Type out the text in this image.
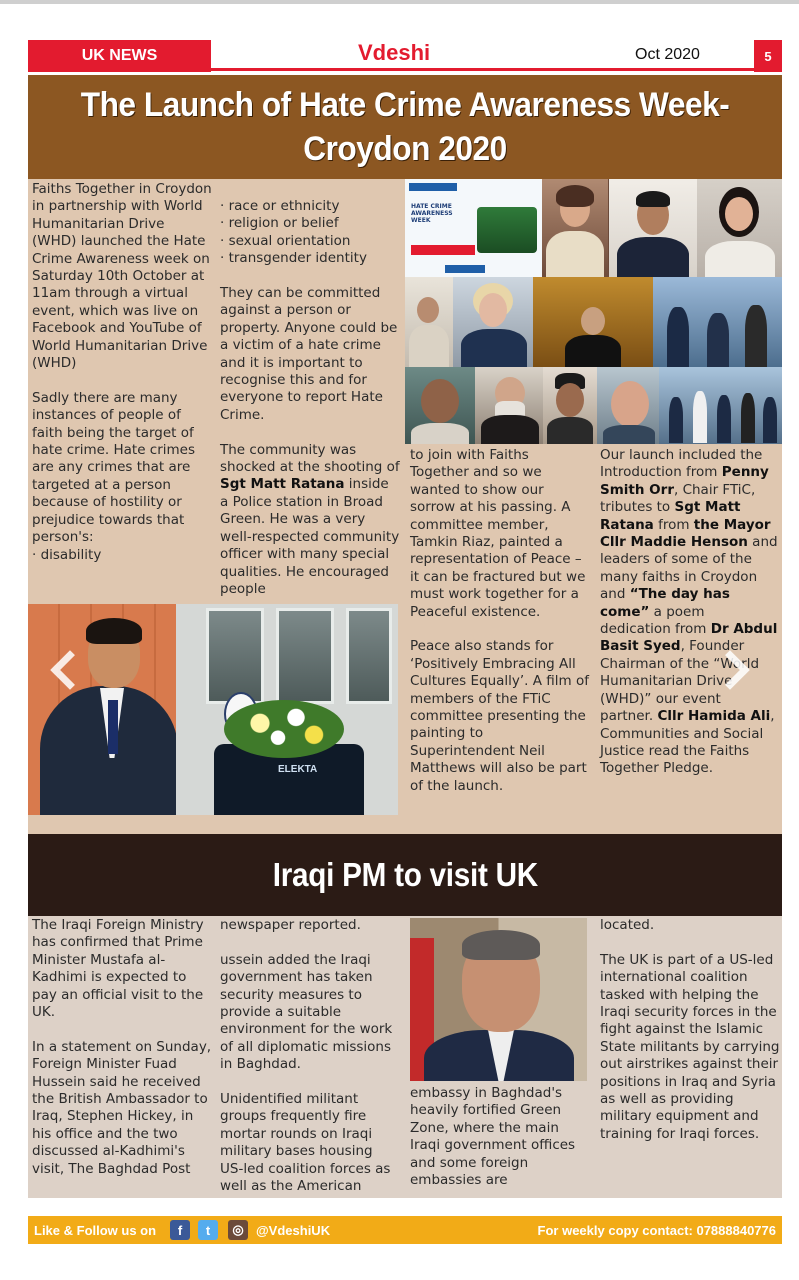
UK NEWS	Vdeshi	Oct 2020	5
The Launch of Hate Crime Awareness Week- Croydon 2020

Faiths Together in Croydon in partnership with World Humanitarian Drive (WHD) launched the Hate Crime Awareness week on Saturday 10th October at 11am through a virtual event, which was live on Facebook and YouTube of World Humanitarian Drive (WHD)

Sadly there are many instances of people of faith being the target of hate crime. Hate crimes are any crimes that are targeted at a person because of hostility or prejudice towards that person's:
· disability

· race or ethnicity
· religion or belief
· sexual orientation
· transgender identity

They can be committed against a person or property. Anyone could be a victim of a hate crime and it is important to recognise this and for everyone to report Hate Crime.

The community was shocked at the shooting of Sgt Matt Ratana inside a Police station in Broad Green. He was a very well-respected community officer with many special qualities. He encouraged people

HATE CRIME AWARENESS WEEK

to join with Faiths Together and so we wanted to show our sorrow at his passing. A committee member, Tamkin Riaz, painted a representation of Peace – it can be fractured but we must work together for a Peaceful existence.

Peace also stands for ‘Positively Embracing All Cultures Equally’. A film of members of the FTiC committee presenting the painting to Superintendent Neil Matthews will also be part of the launch.

Our launch included the Introduction from Penny Smith Orr, Chair FTiC, tributes to Sgt Matt Ratana from the Mayor Cllr Maddie Henson and leaders of some of the many faiths in Croydon and “The day has come” a poem dedication from Dr Abdul Basit Syed, Founder Chairman of the “World Humanitarian Drive (WHD)” our event partner. Cllr Hamida Ali, Communities and Social Justice read the Faiths Together Pledge.

ELEKTA
Iraqi PM to visit UK

The Iraqi Foreign Ministry has confirmed that Prime Minister Mustafa al-Kadhimi is expected to pay an official visit to the UK.

In a statement on Sunday, Foreign Minister Fuad Hussein said he received the British Ambassador to Iraq, Stephen Hickey, in his office and the two discussed al-Kadhimi's visit, The Baghdad Post

newspaper reported.

ussein added the Iraqi government has taken security measures to provide a suitable environment for the work of all diplomatic missions in Baghdad.

Unidentified militant groups frequently fire mortar rounds on Iraqi military bases housing US-led coalition forces as well as the American

embassy in Baghdad's heavily fortified Green Zone, where the main Iraqi government offices and some foreign embassies are

located.

The UK is part of a US-led international coalition tasked with helping the Iraqi security forces in the fight against the Islamic State militants by carrying out airstrikes against their positions in Iraq and Syria as well as providing military equipment and training for Iraqi forces.

Like & Follow us on	f	t	◎ @VdeshiUK	For weekly copy contact: 07888840776
